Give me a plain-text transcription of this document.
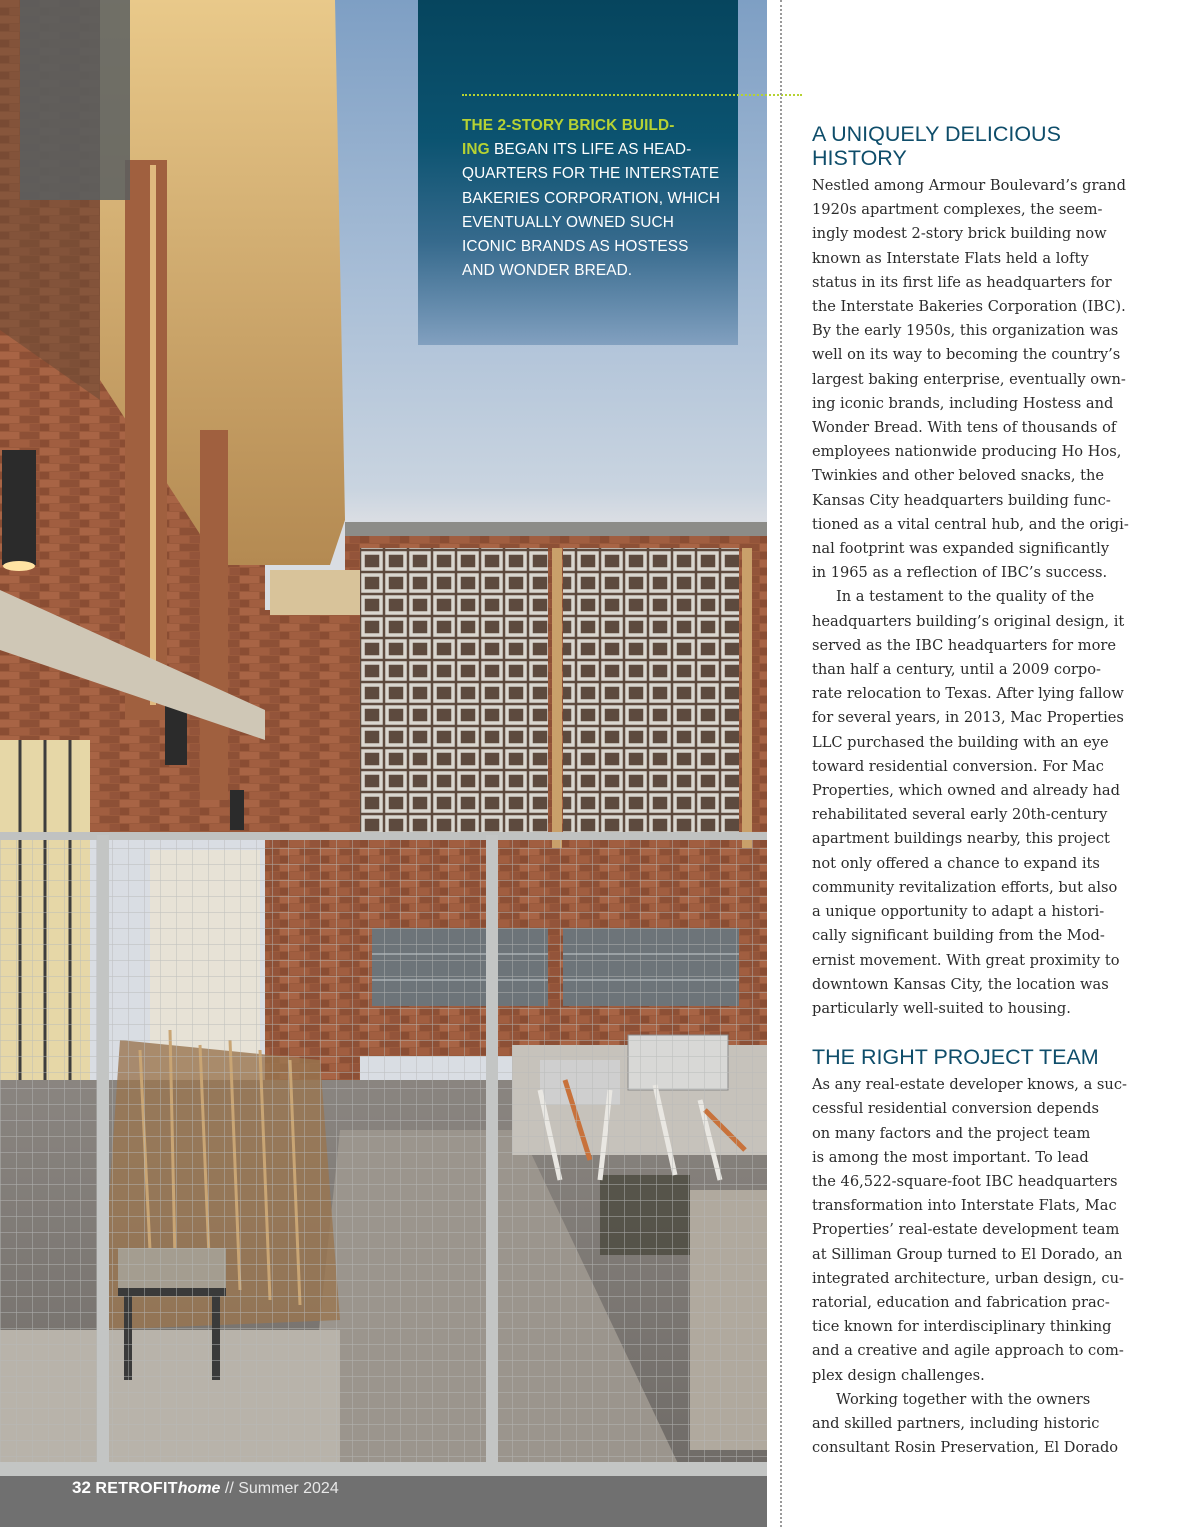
THE 2-STORY BRICK BUILD-
ING BEGAN ITS LIFE AS HEAD-
QUARTERS FOR THE INTERSTATE
BAKERIES CORPORATION, WHICH
EVENTUALLY OWNED SUCH
ICONIC BRANDS AS HOSTESS
AND WONDER BREAD.

32 RETROFIThome // Summer 2024
A UNIQUELY DELICIOUS
HISTORY

Nestled among Armour Boulevard’s grand
1920s apartment complexes, the seem-
ingly modest 2-story brick building now
known as Interstate Flats held a lofty
status in its first life as headquarters for
the Interstate Bakeries Corporation (IBC).
By the early 1950s, this organization was
well on its way to becoming the country’s
largest baking enterprise, eventually own-
ing iconic brands, including Hostess and
Wonder Bread. With tens of thousands of
employees nationwide producing Ho Hos,
Twinkies and other beloved snacks, the
Kansas City headquarters building func-
tioned as a vital central hub, and the origi-
nal footprint was expanded significantly
in 1965 as a reflection of IBC’s success.

In a testament to the quality of the
headquarters building’s original design, it
served as the IBC headquarters for more
than half a century, until a 2009 corpo-
rate relocation to Texas. After lying fallow
for several years, in 2013, Mac Properties
LLC purchased the building with an eye
toward residential conversion. For Mac
Properties, which owned and already had
rehabilitated several early 20th-century
apartment buildings nearby, this project
not only offered a chance to expand its
community revitalization efforts, but also
a unique opportunity to adapt a histori-
cally significant building from the Mod-
ernist movement. With great proximity to
downtown Kansas City, the location was
particularly well-suited to housing.

THE RIGHT PROJECT TEAM

As any real-estate developer knows, a suc-
cessful residential conversion depends
on many factors and the project team
is among the most important. To lead
the 46,522-square-foot IBC headquarters
transformation into Interstate Flats, Mac
Properties’ real-estate development team
at Silliman Group turned to El Dorado, an
integrated architecture, urban design, cu-
ratorial, education and fabrication prac-
tice known for interdisciplinary thinking
and a creative and agile approach to com-
plex design challenges.

Working together with the owners
and skilled partners, including historic
consultant Rosin Preservation, El Dorado
